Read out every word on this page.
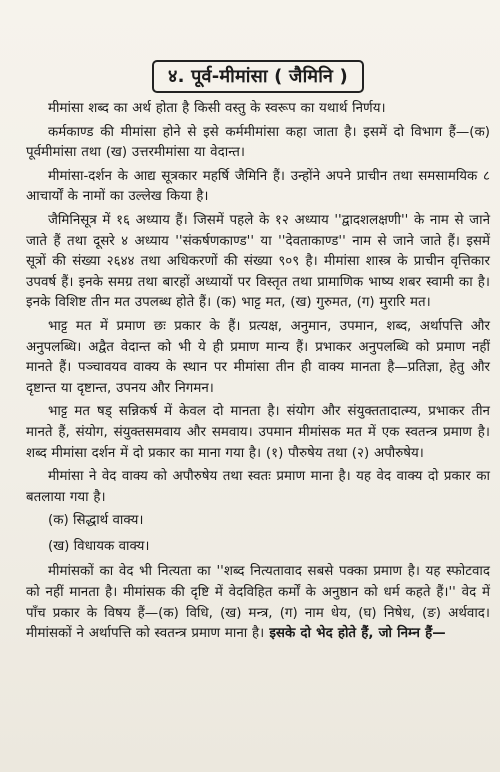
४. पूर्व-मीमांसा ( जैमिनि )

मीमांसा शब्द का अर्थ होता है किसी वस्तु के स्वरूप का यथार्थ निर्णय।

कर्मकाण्ड की मीमांसा होने से इसे कर्ममीमांसा कहा जाता है। इसमें दो विभाग हैं—(क) पूर्वमीमांसा तथा (ख) उत्तरमीमांसा या वेदान्त।

मीमांसा-दर्शन के आद्य सूत्रकार महर्षि जैमिनि हैं। उन्होंने अपने प्राचीन तथा समसामयिक ८ आचार्यों के नामों का उल्लेख किया है।

जैमिनिसूत्र में १६ अध्याय हैं। जिसमें पहले के १२ अध्याय ''द्वादशलक्षणी'' के नाम से जाने जाते हैं तथा दूसरे ४ अध्याय ''संकर्षणकाण्ड'' या ''देवताकाण्ड'' नाम से जाने जाते हैं। इसमें सूत्रों की संख्या २६४४ तथा अधिकरणों की संख्या ९०९ है। मीमांसा शास्त्र के प्राचीन वृत्तिकार उपवर्ष हैं। इनके समग्र तथा बारहों अध्यायों पर विस्तृत तथा प्रामाणिक भाष्य शबर स्वामी का है। इनके विशिष्ट तीन मत उपलब्ध होते हैं। (क) भाट्ट मत, (ख) गुरुमत, (ग) मुरारि मत।

भाट्ट मत में प्रमाण छः प्रकार के हैं। प्रत्यक्ष, अनुमान, उपमान, शब्द, अर्थापत्ति और अनुपलब्धि। अद्वैत वेदान्त को भी ये ही प्रमाण मान्य हैं। प्रभाकर अनुपलब्धि को प्रमाण नहीं मानते हैं। पञ्चावयव वाक्य के स्थान पर मीमांसा तीन ही वाक्य मानता है—प्रतिज्ञा, हेतु और दृष्टान्त या दृष्टान्त, उपनय और निगमन।

भाट्ट मत षड् सन्निकर्ष में केवल दो मानता है। संयोग और संयुक्ततादात्म्य, प्रभाकर तीन मानते हैं, संयोग, संयुक्तसमवाय और समवाय। उपमान मीमांसक मत में एक स्वतन्त्र प्रमाण है। शब्द मीमांसा दर्शन में दो प्रकार का माना गया है। (१) पौरुषेय तथा (२) अपौरुषेय।

मीमांसा ने वेद वाक्य को अपौरुषेय तथा स्वतः प्रमाण माना है। यह वेद वाक्य दो प्रकार का बतलाया गया है।

(क) सिद्धार्थ वाक्य।
(ख) विधायक वाक्य।

मीमांसकों का वेद भी नित्यता का ''शब्द नित्यतावाद सबसे पक्का प्रमाण है। यह स्फोटवाद को नहीं मानता है। मीमांसक की दृष्टि में वेदविहित कर्मों के अनुष्ठान को धर्म कहते हैं।'' वेद में पाँच प्रकार के विषय हैं—(क) विधि, (ख) मन्त्र, (ग) नाम धेय, (घ) निषेध, (ङ) अर्थवाद। मीमांसकों ने अर्थापत्ति को स्वतन्त्र प्रमाण माना है। इसके दो भेद होते हैं, जो निम्न हैं—
